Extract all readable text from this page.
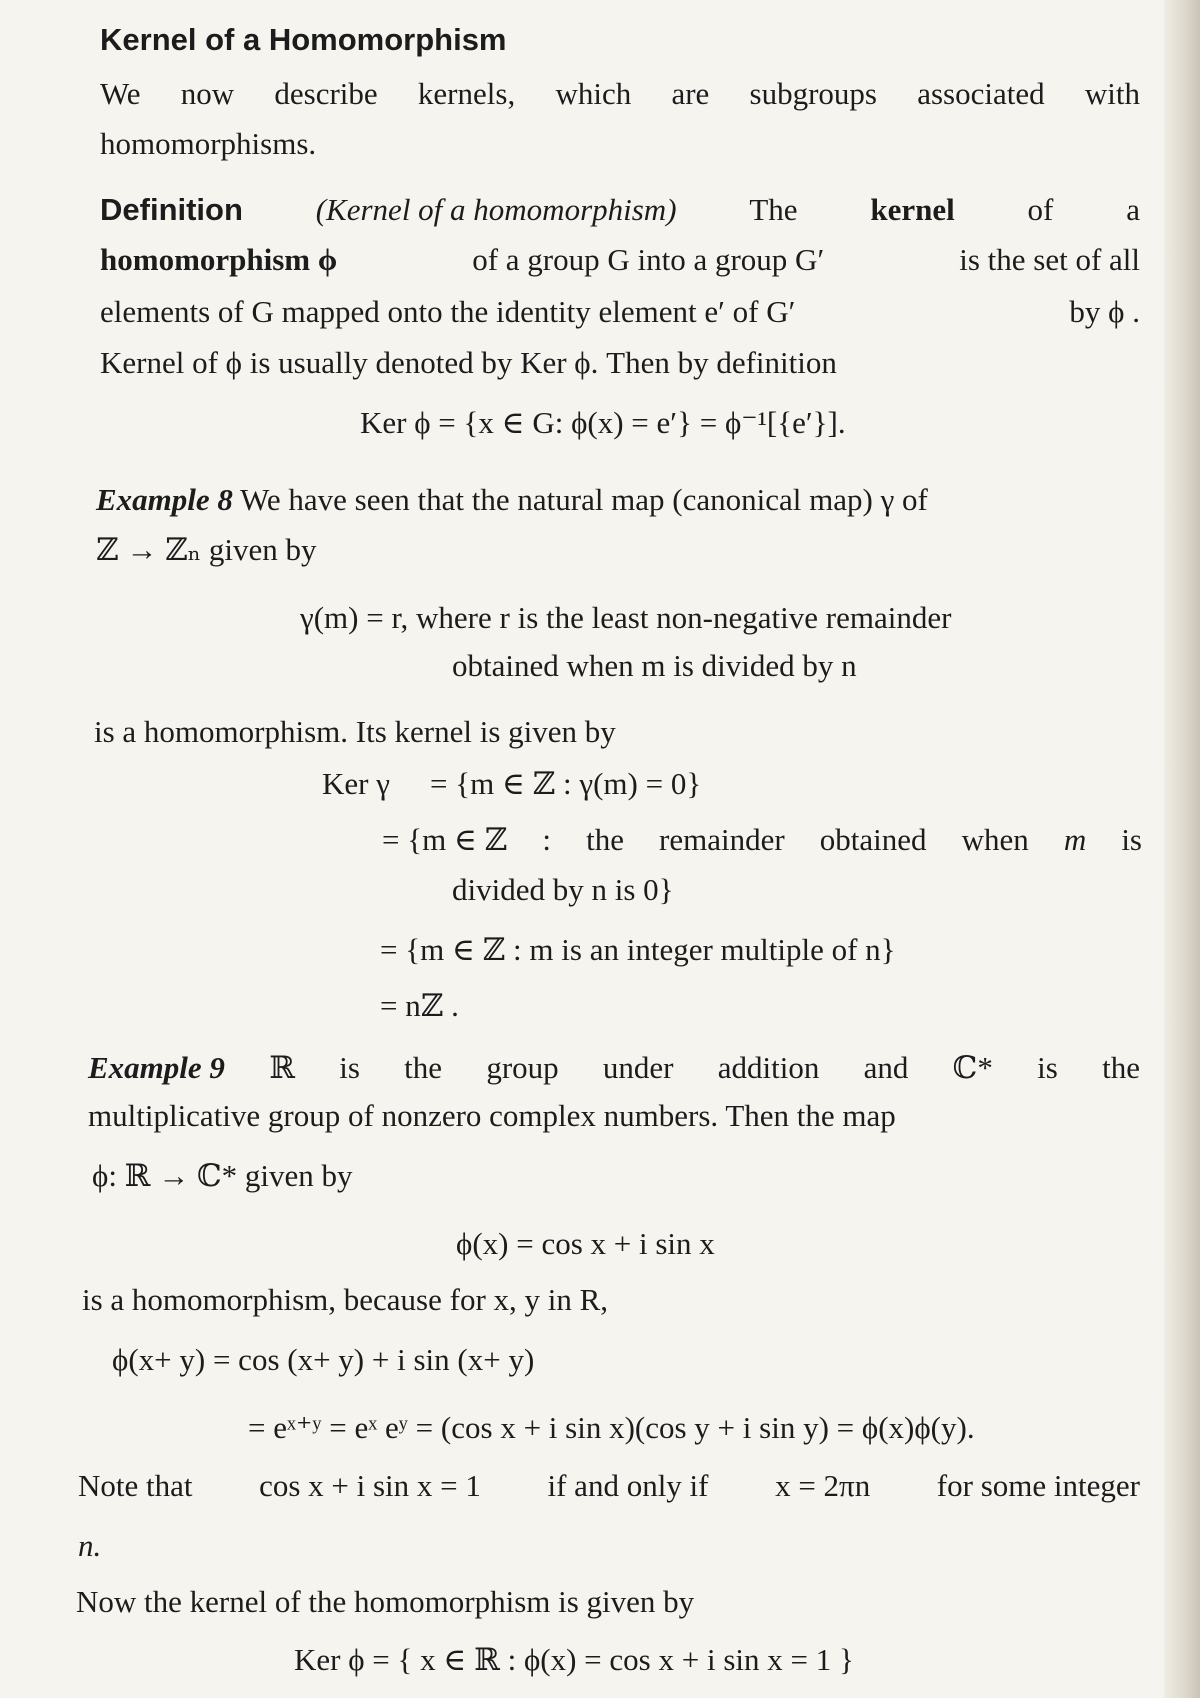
Kernel of a Homomorphism
We now describe kernels, which are subgroups associated with
homomorphisms.
Definition (Kernel of a homomorphism) The kernel of a
homomorphism ϕ	of a group G into a group G′	is the set of all
elements of G mapped onto the identity element e′ of G′	by ϕ .
Kernel of ϕ is usually denoted by Ker ϕ. Then by definition
Ker ϕ = {x ∈ G: ϕ(x) = e′} = ϕ⁻¹[{e′}].
Example 8 We have seen that the natural map (canonical map) γ of
ℤ → ℤₙ given by
γ(m) = r, where r is the least non-negative remainder
obtained when m is divided by n
is a homomorphism. Its kernel is given by
Ker γ = {m ∈ ℤ : γ(m) = 0}
= {m ∈ ℤ : the remainder obtained when m is
divided by n is 0}
= {m ∈ ℤ : m is an integer multiple of n}
= nℤ .
Example 9 ℝ is the group under addition and ℂ* is the
multiplicative group of nonzero complex numbers. Then the map
ϕ: ℝ → ℂ* given by
ϕ(x) = cos x + i sin x
is a homomorphism, because for x, y in R,
ϕ(x+ y) = cos (x+ y) + i sin (x+ y)
= eˣ⁺ʸ = eˣ eʸ = (cos x + i sin x)(cos y + i sin y) = ϕ(x)ϕ(y).
Note that cos x + i sin x = 1 if and only if x = 2πn for some integer
n.
Now the kernel of the homomorphism is given by
Ker ϕ = { x ∈ ℝ : ϕ(x) = cos x + i sin x = 1 }
